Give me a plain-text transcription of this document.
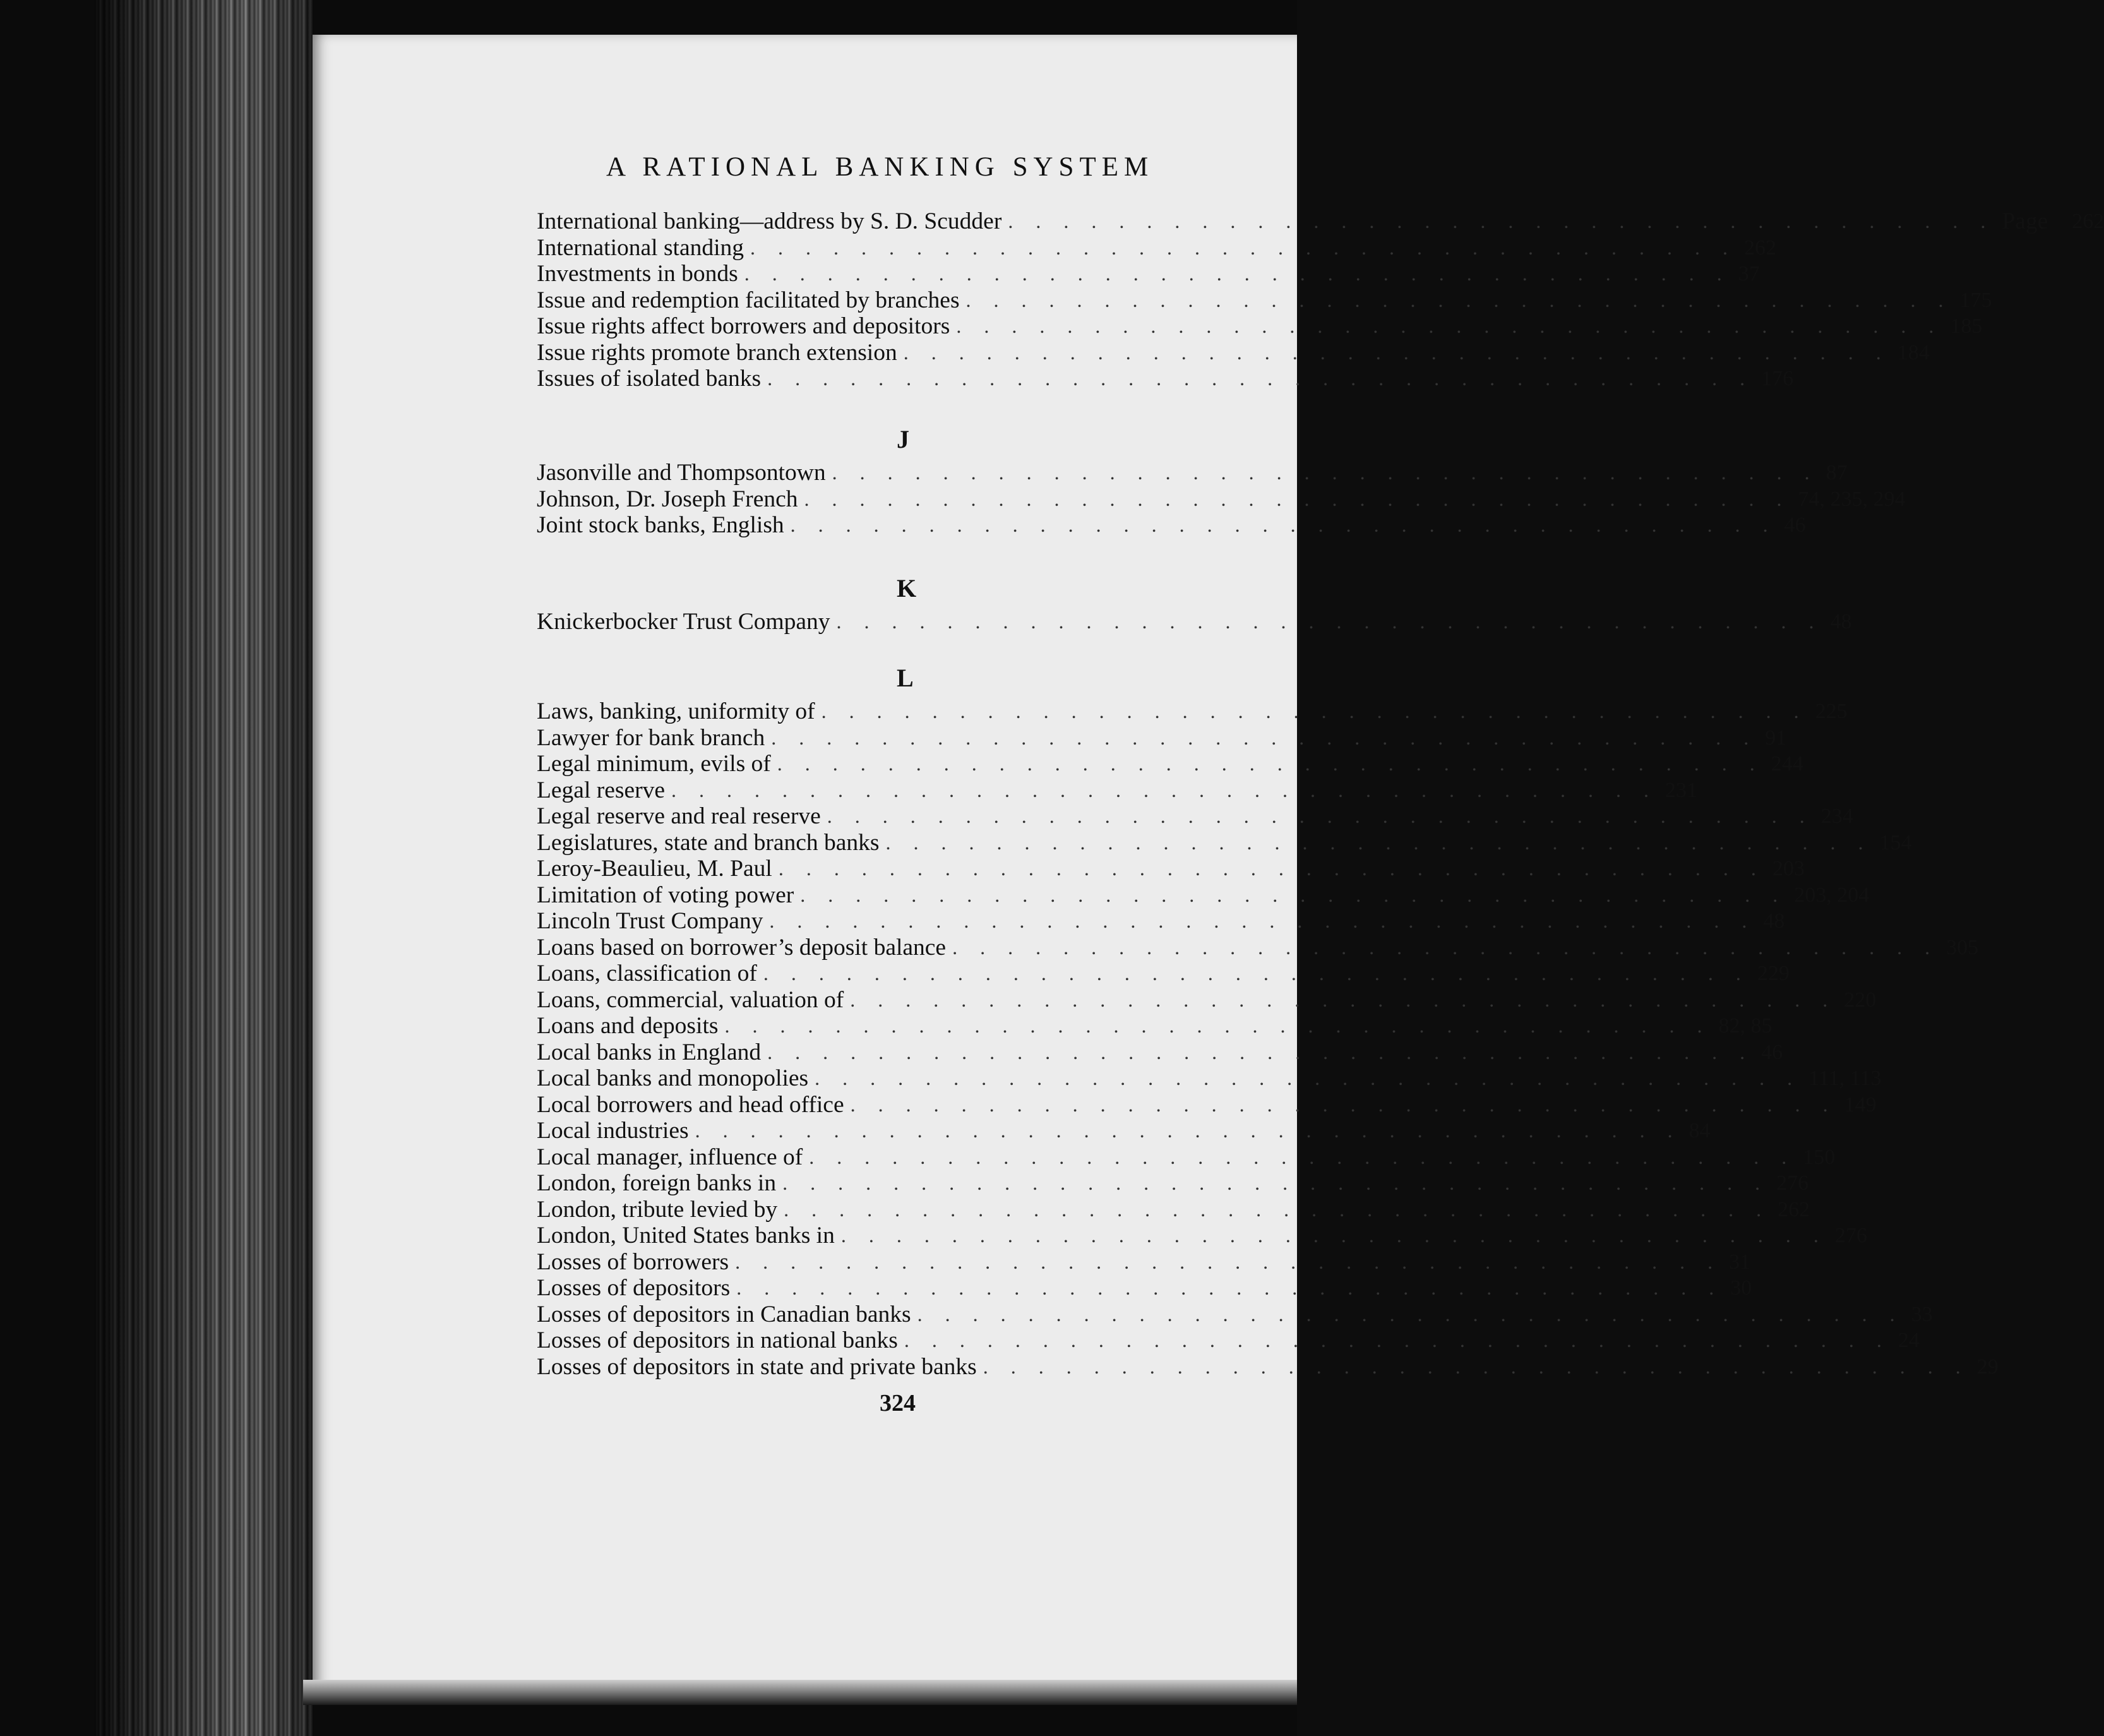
A RATIONAL BANKING SYSTEM
International banking—address by S. D. Scudder . . . . . . . . . . . . . . . . . . . . . . . . . . . . . . . . . . . . Page 262
International standing . . . . . . . . . . . . . . . . . . . . . . . . . . . . . . . . . . . . 262
Investments in bonds . . . . . . . . . . . . . . . . . . . . . . . . . . . . . . . . . . . . 37
Issue and redemption facilitated by branches . . . . . . . . . . . . . . . . . . . . . . . . . . . . . . . . . . . . 175
Issue rights affect borrowers and depositors . . . . . . . . . . . . . . . . . . . . . . . . . . . . . . . . . . . . 185
Issue rights promote branch extension . . . . . . . . . . . . . . . . . . . . . . . . . . . . . . . . . . . . 184
Issues of isolated banks . . . . . . . . . . . . . . . . . . . . . . . . . . . . . . . . . . . . 176
J
Jasonville and Thompsontown . . . . . . . . . . . . . . . . . . . . . . . . . . . . . . . . . . . . 87
Johnson, Dr. Joseph French . . . . . . . . . . . . . . . . . . . . . . . . . . . . . . . . . . . . 74, 235, 294
Joint stock banks, English . . . . . . . . . . . . . . . . . . . . . . . . . . . . . . . . . . . . 46
K
Knickerbocker Trust Company . . . . . . . . . . . . . . . . . . . . . . . . . . . . . . . . . . . . 48
L
Laws, banking, uniformity of . . . . . . . . . . . . . . . . . . . . . . . . . . . . . . . . . . . . 225
Lawyer for bank branch . . . . . . . . . . . . . . . . . . . . . . . . . . . . . . . . . . . . 91
Legal minimum, evils of . . . . . . . . . . . . . . . . . . . . . . . . . . . . . . . . . . . . 244
Legal reserve . . . . . . . . . . . . . . . . . . . . . . . . . . . . . . . . . . . . 231
Legal reserve and real reserve . . . . . . . . . . . . . . . . . . . . . . . . . . . . . . . . . . . . 234
Legislatures, state and branch banks . . . . . . . . . . . . . . . . . . . . . . . . . . . . . . . . . . . . 154
Leroy-Beaulieu, M. Paul . . . . . . . . . . . . . . . . . . . . . . . . . . . . . . . . . . . . 203
Limitation of voting power . . . . . . . . . . . . . . . . . . . . . . . . . . . . . . . . . . . . 203, 204
Lincoln Trust Company . . . . . . . . . . . . . . . . . . . . . . . . . . . . . . . . . . . . 48
Loans based on borrower’s deposit balance . . . . . . . . . . . . . . . . . . . . . . . . . . . . . . . . . . . . 305
Loans, classification of . . . . . . . . . . . . . . . . . . . . . . . . . . . . . . . . . . . . 229
Loans, commercial, valuation of . . . . . . . . . . . . . . . . . . . . . . . . . . . . . . . . . . . . 220
Loans and deposits . . . . . . . . . . . . . . . . . . . . . . . . . . . . . . . . . . . . 82, 85
Local banks in England . . . . . . . . . . . . . . . . . . . . . . . . . . . . . . . . . . . . 46
Local banks and monopolies . . . . . . . . . . . . . . . . . . . . . . . . . . . . . . . . . . . . 111, 113
Local borrowers and head office . . . . . . . . . . . . . . . . . . . . . . . . . . . . . . . . . . . . 149
Local industries . . . . . . . . . . . . . . . . . . . . . . . . . . . . . . . . . . . . 84
Local manager, influence of . . . . . . . . . . . . . . . . . . . . . . . . . . . . . . . . . . . . 150
London, foreign banks in . . . . . . . . . . . . . . . . . . . . . . . . . . . . . . . . . . . . 276
London, tribute levied by . . . . . . . . . . . . . . . . . . . . . . . . . . . . . . . . . . . . 262
London, United States banks in . . . . . . . . . . . . . . . . . . . . . . . . . . . . . . . . . . . . 276
Losses of borrowers . . . . . . . . . . . . . . . . . . . . . . . . . . . . . . . . . . . . 31
Losses of depositors . . . . . . . . . . . . . . . . . . . . . . . . . . . . . . . . . . . . 30
Losses of depositors in Canadian banks . . . . . . . . . . . . . . . . . . . . . . . . . . . . . . . . . . . . 33
Losses of depositors in national banks . . . . . . . . . . . . . . . . . . . . . . . . . . . . . . . . . . . . 24
Losses of depositors in state and private banks . . . . . . . . . . . . . . . . . . . . . . . . . . . . . . . . . . . . 29
324
